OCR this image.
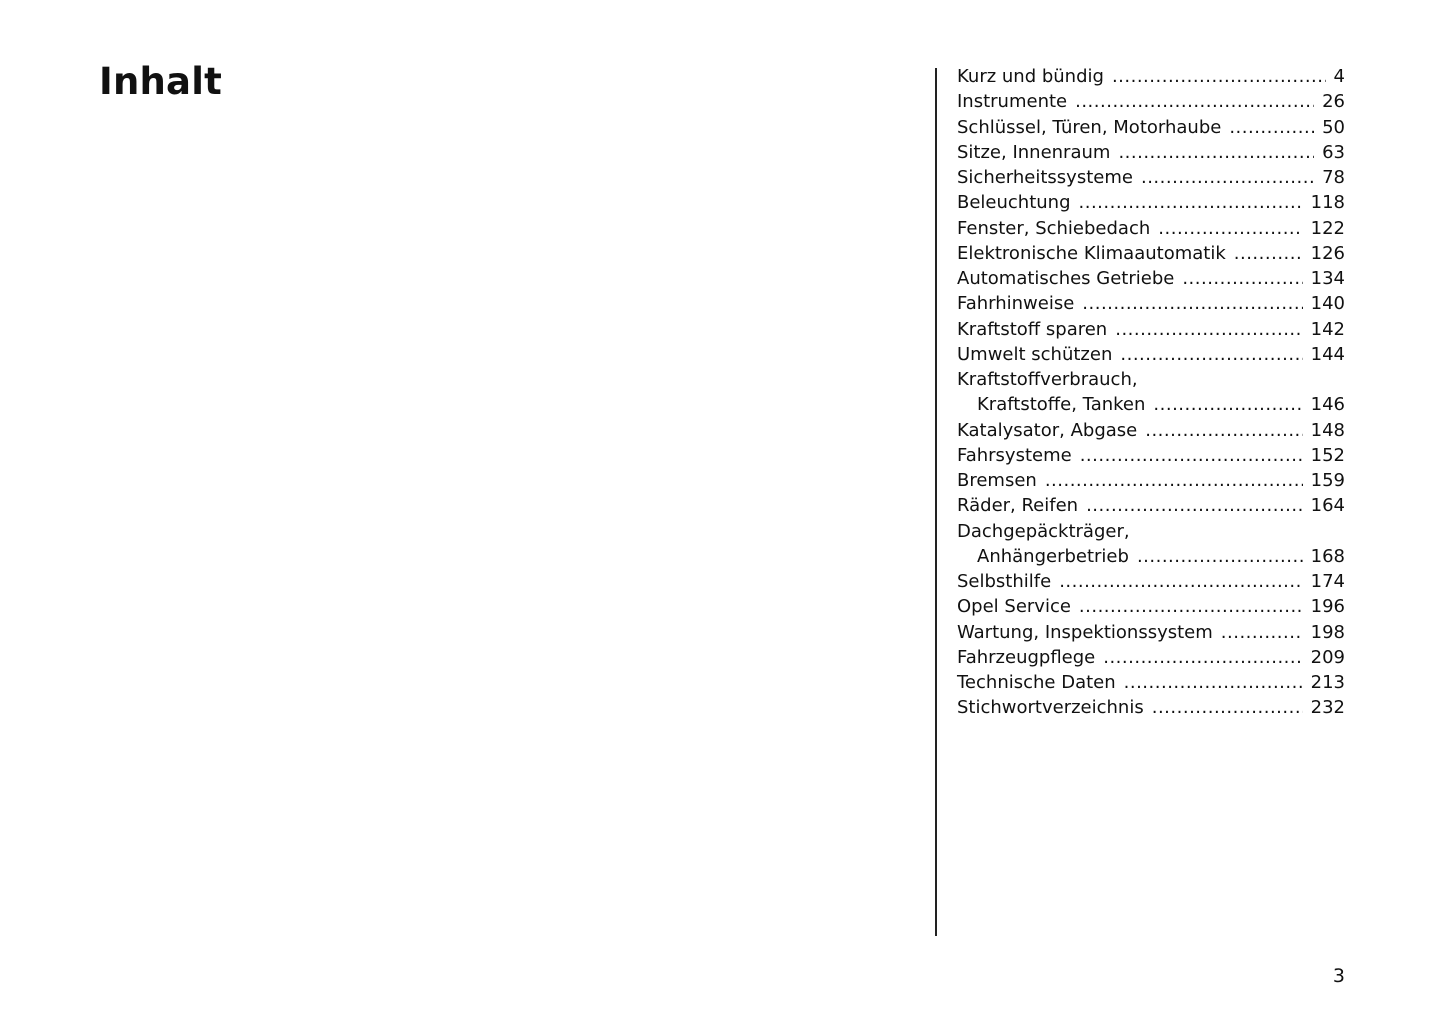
Inhalt	Kurz und bündig .....	4
Instrumente .....	26
Schlüssel, Türen, Motorhaube .....	50
Sitze, Innenraum .....	63
Sicherheitssysteme .....	78
Beleuchtung .....	118
Fenster, Schiebedach .....	122
Elektronische Klimaautomatik .....	126
Automatisches Getriebe .....	134
Fahrhinweise .....	140
Kraftstoff sparen .....	142
Umwelt schützen .....	144
Kraftstoffverbrauch,
Kraftstoffe, Tanken .....	146
Katalysator, Abgase .....	148
Fahrsysteme .....	152
Bremsen .....	159
Räder, Reifen .....	164
Dachgepäckträger,
Anhängerbetrieb .....	168
Selbsthilfe .....	174
Opel Service .....	196
Wartung, Inspektionssystem .....	198
Fahrzeugpflege .....	209
Technische Daten .....	213
Stichwortverzeichnis .....	232
3
